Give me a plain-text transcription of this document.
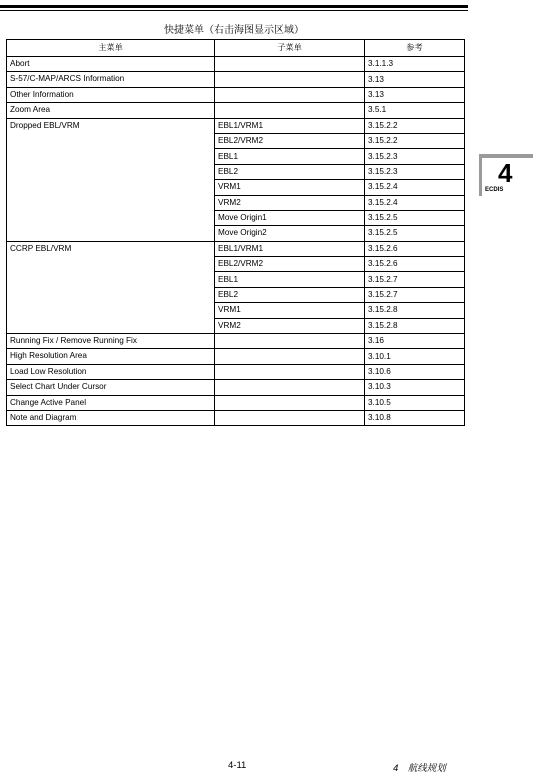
快捷菜单（右击海图显示区域）
主菜单	子菜单	参考
Abort		3.1.1.3
S-57/C-MAP/ARCS Information		3.13
Other Information		3.13
Zoom Area		3.5.1
Dropped EBL/VRM	EBL1/VRM1	3.15.2.2
	EBL2/VRM2	3.15.2.2
	EBL1	3.15.2.3
	EBL2	3.15.2.3
	VRM1	3.15.2.4
	VRM2	3.15.2.4
	Move Origin1	3.15.2.5
	Move Origin2	3.15.2.5
CCRP EBL/VRM	EBL1/VRM1	3.15.2.6
	EBL2/VRM2	3.15.2.6
	EBL1	3.15.2.7
	EBL2	3.15.2.7
	VRM1	3.15.2.8
	VRM2	3.15.2.8
Running Fix / Remove Running Fix		3.16
High Resolution Area		3.10.1
Load Low Resolution		3.10.6
Select Chart Under Cursor		3.10.3
Change Active Panel		3.10.5
Note and Diagram		3.10.8
4
ECDIS
4-11	4　航线规划
